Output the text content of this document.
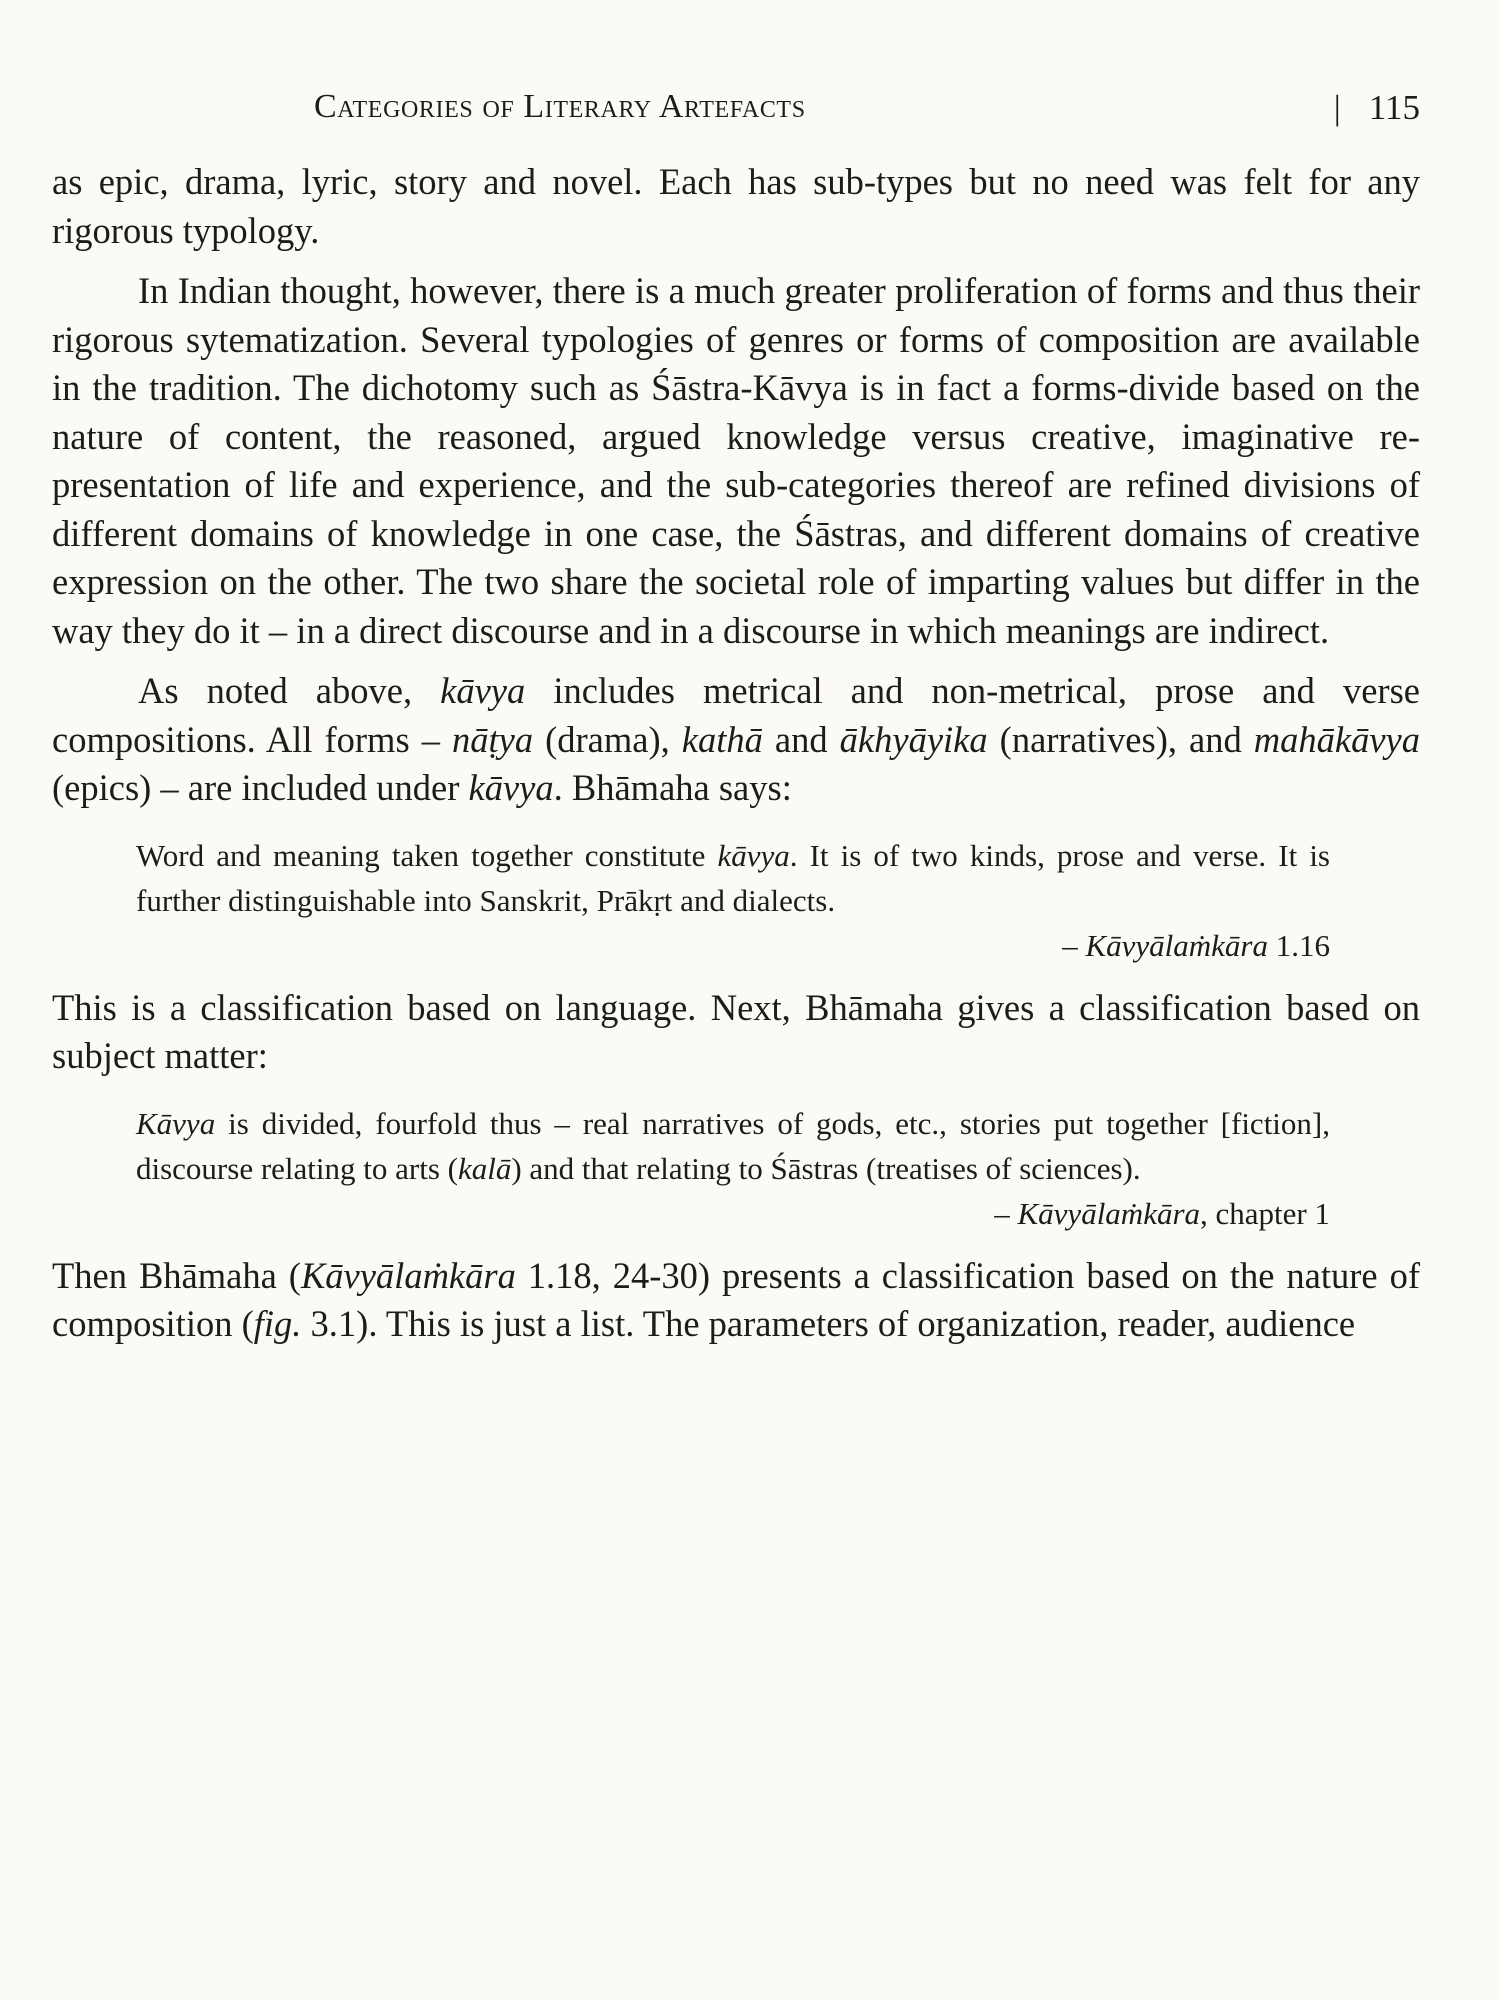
Categories of Literary Artefacts	| 115

as epic, drama, lyric, story and novel. Each has sub-types but no need was felt for any rigorous typology.

In Indian thought, however, there is a much greater proliferation of forms and thus their rigorous sytematization. Several typologies of genres or forms of composition are available in the tradition. The dichotomy such as Śāstra-Kāvya is in fact a forms-divide based on the nature of content, the reasoned, argued knowledge versus creative, imaginative re-presentation of life and experience, and the sub-categories thereof are refined divisions of different domains of knowledge in one case, the Śāstras, and different domains of creative expression on the other. The two share the societal role of imparting values but differ in the way they do it – in a direct discourse and in a discourse in which meanings are indirect.

As noted above, kāvya includes metrical and non-metrical, prose and verse compositions. All forms – nāṭya (drama), kathā and ākhyāyika (narratives), and mahākāvya (epics) – are included under kāvya. Bhāmaha says:

Word and meaning taken together constitute kāvya. It is of two kinds, prose and verse. It is further distinguishable into Sanskrit, Prākṛt and dialects.
– Kāvyālaṁkāra 1.16

This is a classification based on language. Next, Bhāmaha gives a classification based on subject matter:

Kāvya is divided, fourfold thus – real narratives of gods, etc., stories put together [fiction], discourse relating to arts (kalā) and that relating to Śāstras (treatises of sciences).
– Kāvyālaṁkāra, chapter 1

Then Bhāmaha (Kāvyālaṁkāra 1.18, 24-30) presents a classification based on the nature of composition (fig. 3.1). This is just a list. The parameters of organization, reader, audience
